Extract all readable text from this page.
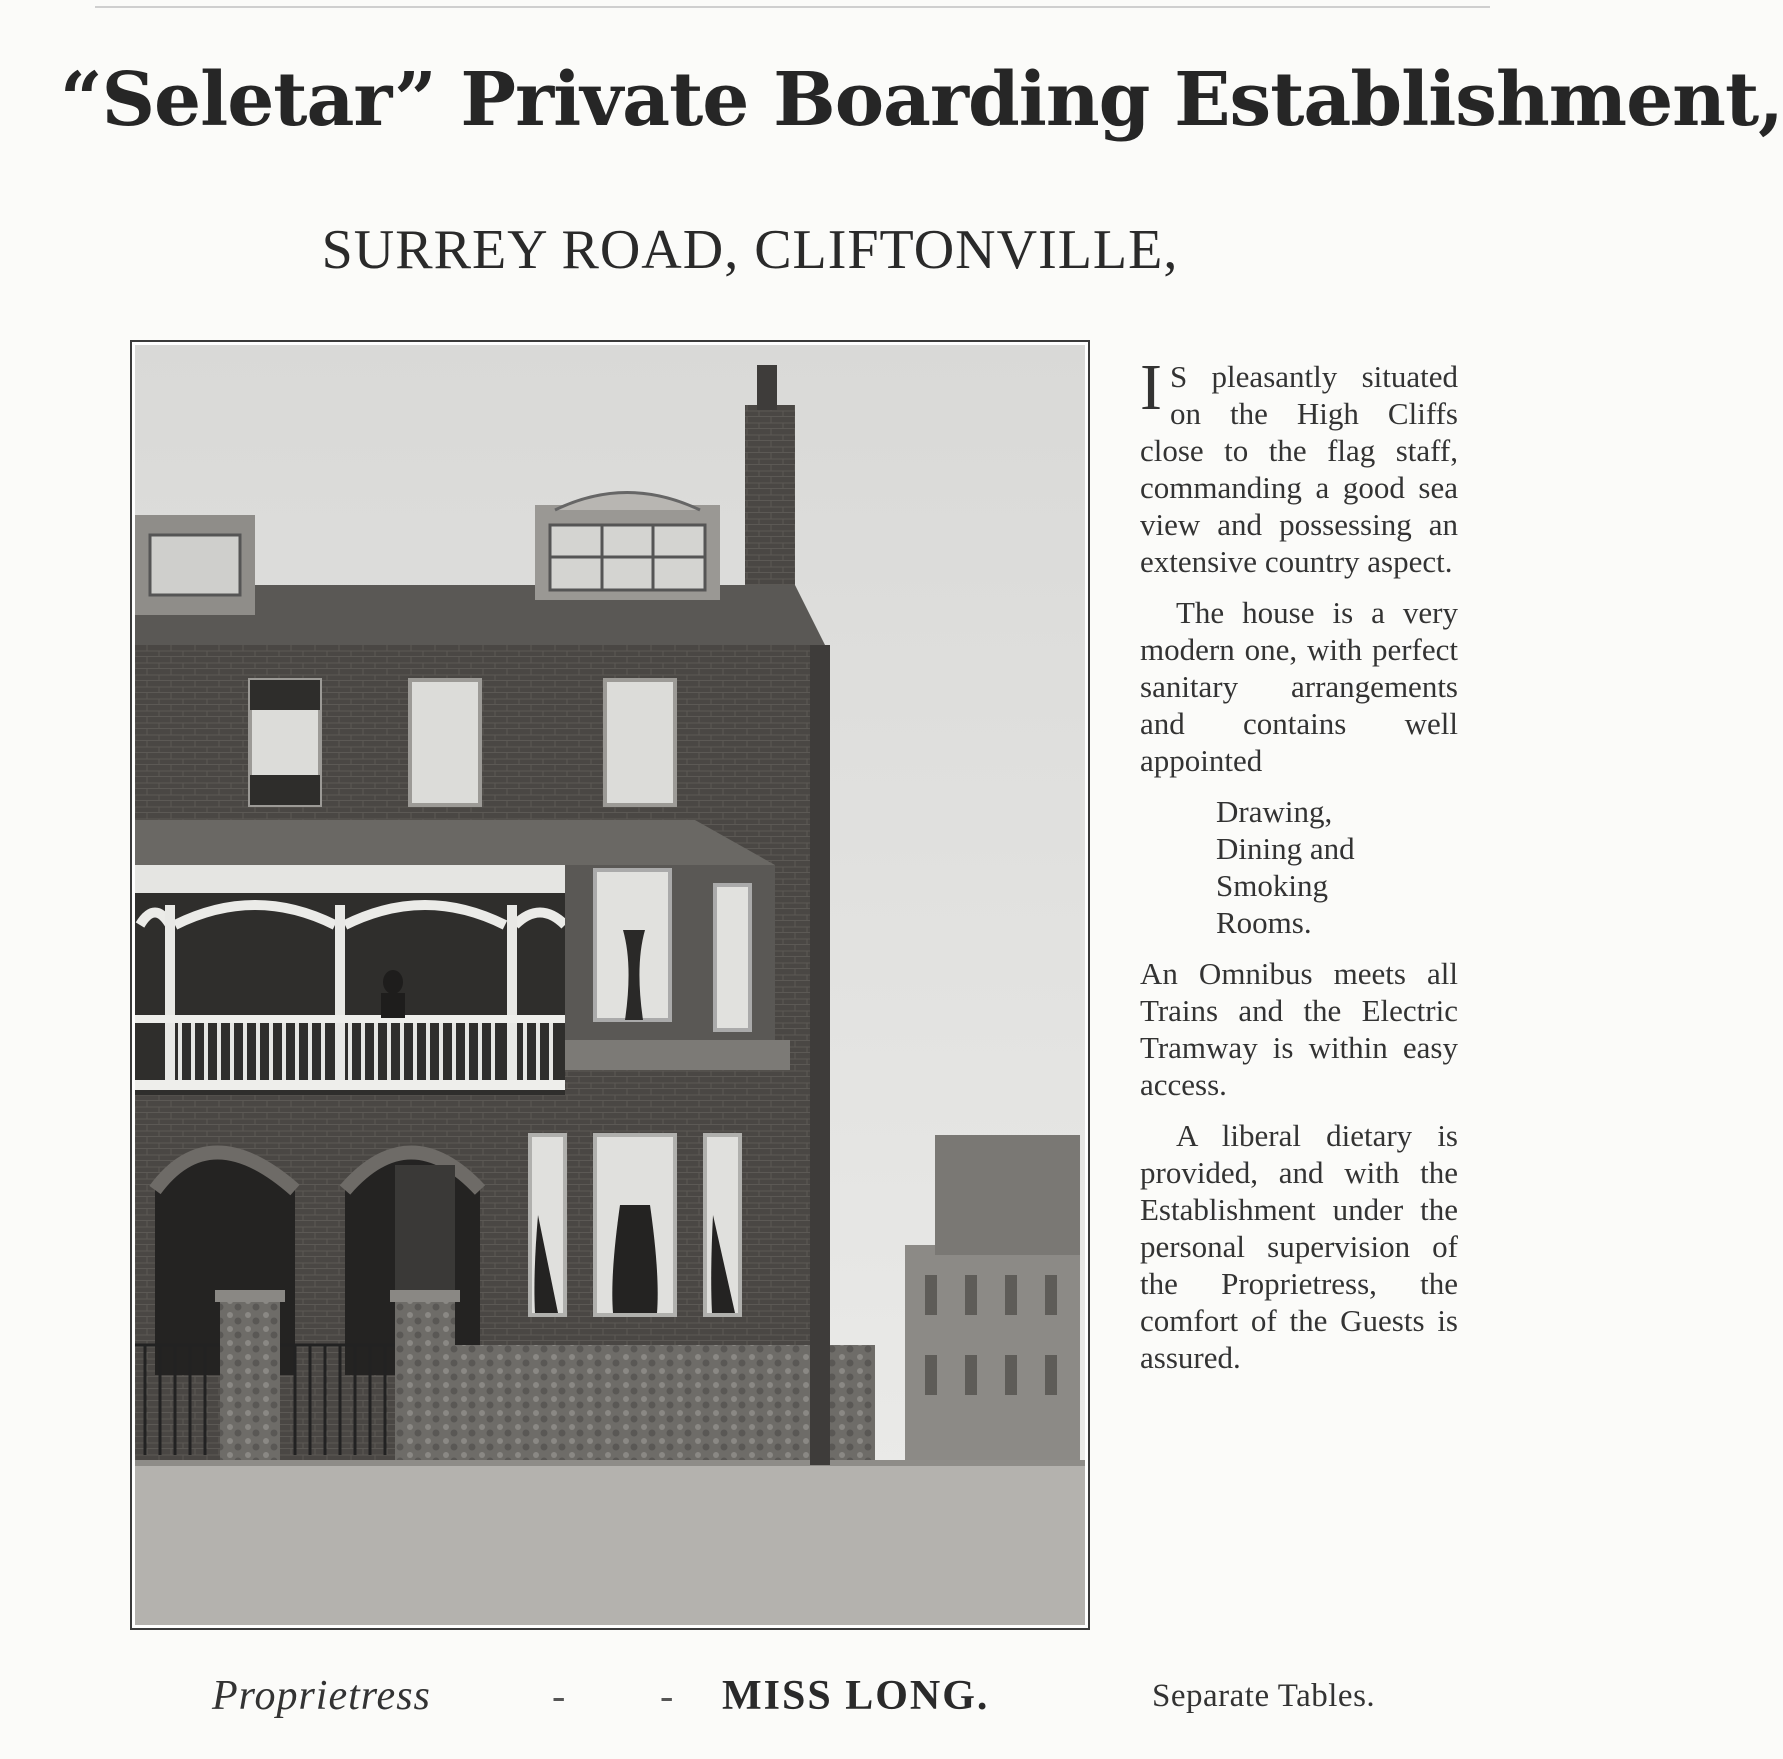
“Seletar” Private Boarding Establishment,
SURREY ROAD, CLIFTONVILLE,

I S pleasantly situated on the High Cliffs close to the flag staff, commanding a good sea view and possessing an extensive country aspect.

The house is a very modern one, with perfect sanitary arrangements and contains well appointed

Drawing,
Dining and
Smoking
Rooms.

An Omnibus meets all Trains and the Electric Tramway is within easy access.

A liberal dietary is provided, and with the Establishment under the personal supervision of the Proprietress, the comfort of the Guests is assured.

Proprietress	- - MISS LONG.	Separate Tables.
